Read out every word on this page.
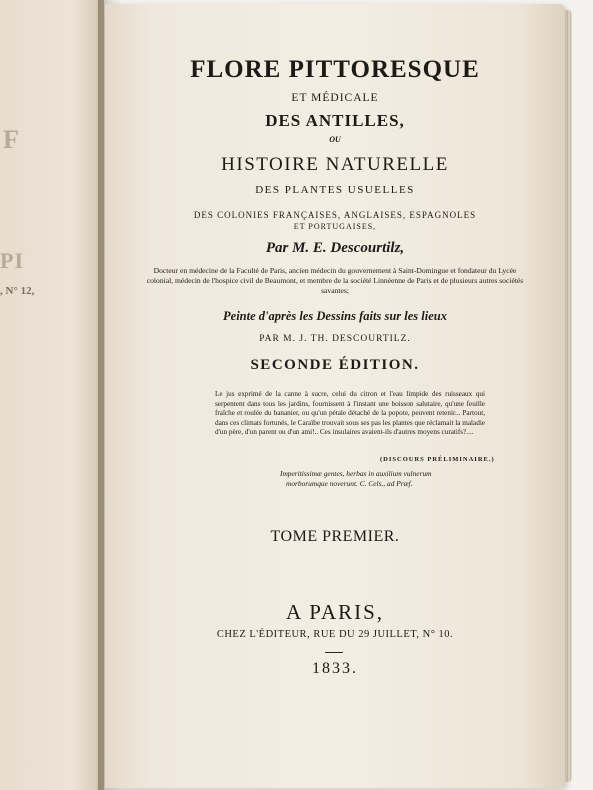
F
PI
, N° 12,
FLORE PITTORESQUE
ET MÉDICALE
DES ANTILLES,
OU
HISTOIRE NATURELLE
DES PLANTES USUELLES
DES COLONIES FRANÇAISES, ANGLAISES, ESPAGNOLES
ET PORTUGAISES,
Par M. E. Descourtilz,
Docteur en médecine de la Faculté de Paris, ancien médecin du gouvernement à Saint-Domingue et fondateur du Lycée colonial, médecin de l'hospice civil de Beaumont, et membre de la société Linnéenne de Paris et de plusieurs autres sociétés savantes;
Peinte d'après les Dessins faits sur les lieux
PAR M. J. TH. DESCOURTILZ.
SECONDE ÉDITION.
Le jus exprimé de la canne à sucre, celui du citron et l'eau limpide des ruisseaux qui serpentent dans tous les jardins, fournissent à l'instant une boisson salutaire, qu'une feuille fraîche et roulée du bananier, ou qu'un pétale détaché de la popote, peuvent retenir... Partout, dans ces climats fortunés, le Caraïbe trouvait sous ses pas les plantes que réclamait la maladie d'un père, d'un parent ou d'un ami!.. Ces insulaires avaient-ils d'autres moyens curatifs?....
(DISCOURS PRÉLIMINAIRE.)
Imperitissimæ gentes, herbas in auxilium vulnerum
morborumque noverunt. C. Cels., ad Præf.
TOME PREMIER.
A PARIS,
CHEZ L'ÉDITEUR, RUE DU 29 JUILLET, N° 10.
1833.
